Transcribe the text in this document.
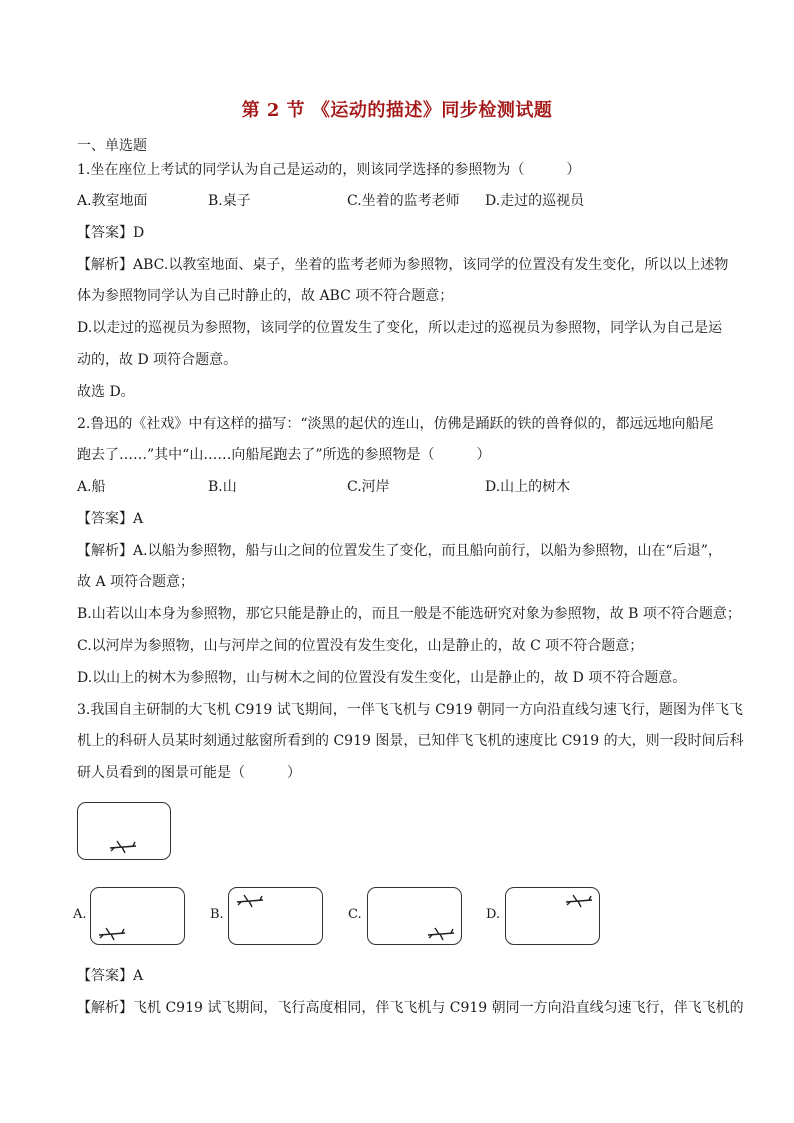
第 2 节 《运动的描述》同步检测试题
一、单选题
1.坐在座位上考试的同学认为自己是运动的，则该同学选择的参照物为（　　　）
A.教室地面	B.桌子	C.坐着的监考老师 D.走过的巡视员
【答案】D
【解析】ABC.以教室地面、桌子，坐着的监考老师为参照物，该同学的位置没有发生变化，所以以上述物
体为参照物同学认为自己时静止的，故 ABC 项不符合题意；
D.以走过的巡视员为参照物，该同学的位置发生了变化，所以走过的巡视员为参照物，同学认为自己是运
动的，故 D 项符合题意。
故选 D。
2.鲁迅的《社戏》中有这样的描写：“淡黑的起伏的连山，仿佛是踊跃的铁的兽脊似的，都远远地向船尾
跑去了……”其中“山……向船尾跑去了”所选的参照物是（　　　）
A.船	B.山	C.河岸	D.山上的树木
【答案】A
【解析】A.以船为参照物，船与山之间的位置发生了变化，而且船向前行，以船为参照物，山在“后退”，
故 A 项符合题意；
B.山若以山本身为参照物，那它只能是静止的，而且一般是不能选研究对象为参照物，故 B 项不符合题意；
C.以河岸为参照物，山与河岸之间的位置没有发生变化，山是静止的，故 C 项不符合题意；
D.以山上的树木为参照物，山与树木之间的位置没有发生变化，山是静止的，故 D 项不符合题意。
3.我国自主研制的大飞机 C919 试飞期间，一伴飞飞机与 C919 朝同一方向沿直线匀速飞行，题图为伴飞飞
机上的科研人员某时刻通过舷窗所看到的 C919 图景，已知伴飞飞机的速度比 C919 的大，则一段时间后科
研人员看到的图景可能是（　　　）
A.	B.	C.	D.
【答案】A
【解析】飞机 C919 试飞期间，飞行高度相同，伴飞飞机与 C919 朝同一方向沿直线匀速飞行，伴飞飞机的
